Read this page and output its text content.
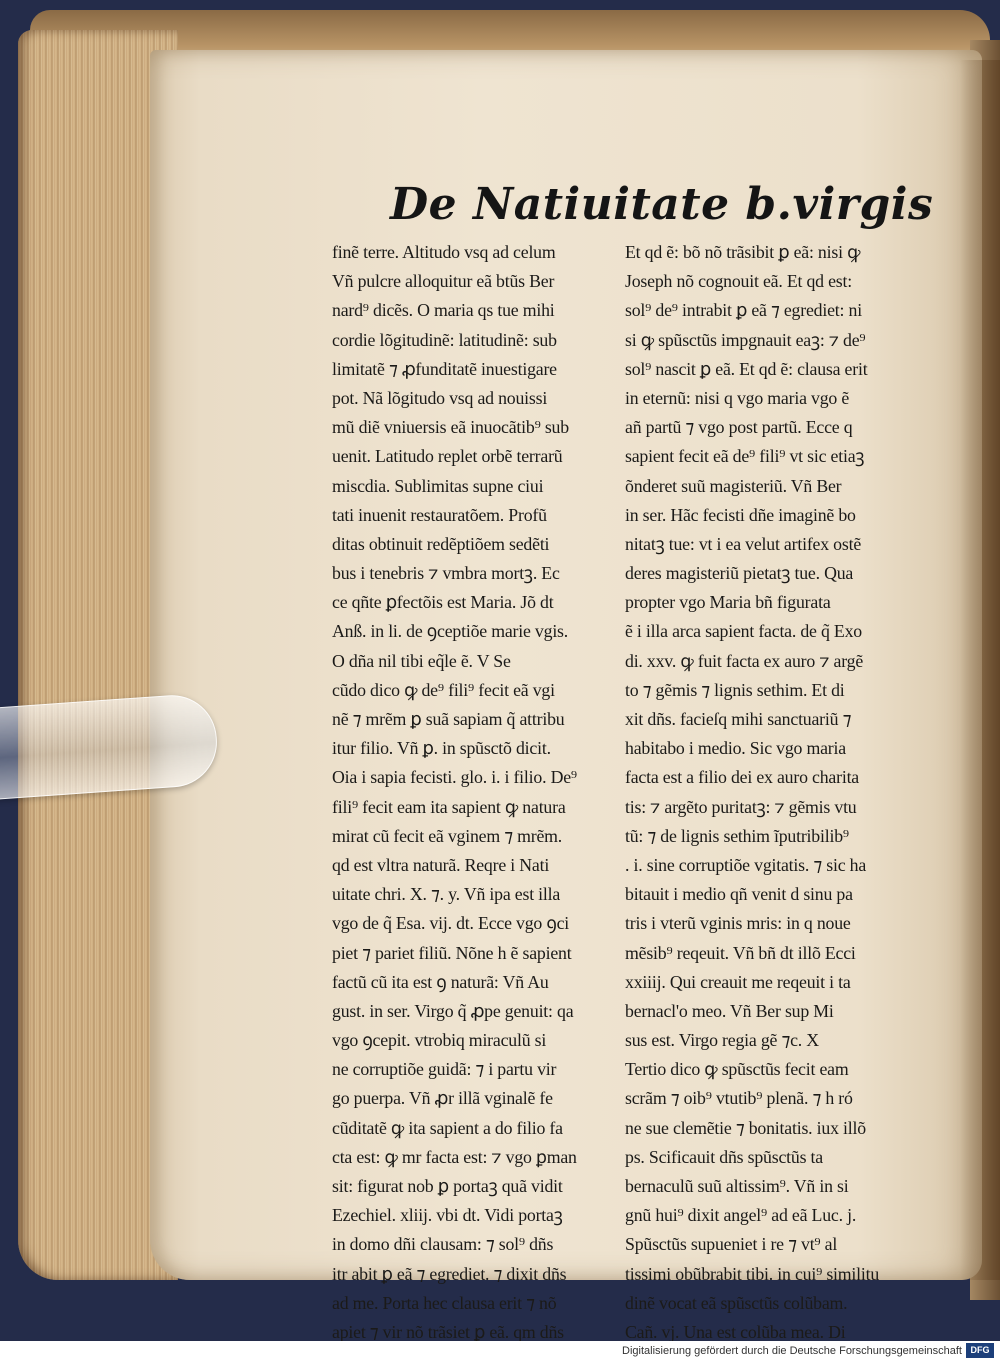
De Natiuitate b.virgis
finẽ terre. Altitudo vsq ad celum
Vñ pulcre alloquitur eã btũs Ber
nard⁹ dicẽs. O maria qs tue mihi
cordie lõgitudinẽ: latitudinẽ: sub
limitatẽ ⁊ ꝓfunditatẽ inuestigare
pot. Nã lõgitudo vsq ad nouissi
mũ diẽ vniuersis eã inuocãtib⁹ sub
uenit. Latitudo replet orbẽ terrarũ
miscdia. Sublimitas supne ciui
tati inuenit restauratõem. Profũ
ditas obtinuit redẽptiõem sedẽti
bus i tenebris ⁊ vmbra mortꝫ. Ec
ce qñte ꝑfectõis est Maria. Jõ dt
Anß. in li. de ꝯceptiõe marie vgis.
O dña nil tibi eq̃le ẽ. V Se
cũdo dico ꝙ de⁹ fili⁹ fecit eã vgi
nẽ ⁊ mrẽm ꝑ suã sapiam q̃ attribu
itur filio. Vñ ꝑ. in spũsctõ dicit.
Oia i sapia fecisti. glo. i. i filio. De⁹
fili⁹ fecit eam ita sapient ꝙ natura
mirat cũ fecit eã vginem ⁊ mrẽm.
qd est vltra naturã. Reqre i Nati
uitate chri. X. ⁊. y. Vñ ipa est illa
vgo de q̃ Esa. vij. dt. Ecce vgo ꝯci
piet ⁊ pariet filiũ. Nõne h ẽ sapient
factũ cũ ita est ꝯ naturã: Vñ Au
gust. in ser. Virgo q̃ ꝓpe genuit: qa
vgo ꝯcepit. vtrobiq miraculũ si
ne corruptiõe guidã: ⁊ i partu vir
go puerpa. Vñ ꝓr illã vginalẽ fe
cũditatẽ ꝙ ita sapient a do filio fa
cta est: ꝙ mr facta est: ⁊ vgo ꝑman
sit: figurat nob ꝑ portaꝫ quã vidit
Ezechiel. xliij. vbi dt. Vidi portaꝫ
in domo dñi clausam: ⁊ sol⁹ dñs
itr abit ꝑ eã ⁊ egrediet. ⁊ dixit dñs
ad me. Porta hec clausa erit ⁊ nõ
apiet ⁊ vir nõ trãsiet ꝑ eã. qm dñs
Et qd ẽ: bõ nõ trãsibit ꝑ eã: nisi ꝙ
Joseph nõ cognouit eã. Et qd est:
sol⁹ de⁹ intrabit ꝑ eã ⁊ egrediet: ni
si ꝙ spũsctũs impgnauit eaꝫ: ⁊ de⁹
sol⁹ nascit ꝑ eã. Et qd ẽ: clausa erit
in eternũ: nisi q vgo maria vgo ẽ
añ partũ ⁊ vgo post partũ. Ecce q
sapient fecit eã de⁹ fili⁹ vt sic etiaꝫ
õnderet suũ magisteriũ. Vñ Ber
in ser. Hãc fecisti dñe imaginẽ bo
nitatꝫ tue: vt i ea velut artifex ostẽ
deres magisteriũ pietatꝫ tue. Qua
propter vgo Maria bñ figurata
ẽ i illa arca sapient facta. de q̃ Exo
di. xxv. ꝙ fuit facta ex auro ⁊ argẽ
to ⁊ gẽmis ⁊ lignis sethim. Et di
xit dñs. facieſq mihi sanctuariũ ⁊
habitabo i medio. Sic vgo maria
facta est a filio dei ex auro charita
tis: ⁊ argẽto puritatꝫ: ⁊ gẽmis vtu
tũ: ⁊ de lignis sethim ĩputribilib⁹
. i. sine corruptiõe vgitatis. ⁊ sic ha
bitauit i medio qñ venit d sinu pa
tris i vterũ vginis mris: in q noue
mẽsib⁹ reqeuit. Vñ bñ dt illõ Ecci
xxiiij. Qui creauit me reqeuit i ta
bernacl'o meo. Vñ Ber sup Mi
sus est. Virgo regia gẽ ⁊c. X
Tertio dico ꝙ spũsctũs fecit eam
scrãm ⁊ oib⁹ vtutib⁹ plenã. ⁊ h ró
ne sue clemẽtie ⁊ bonitatis. iux illõ
ps. Scificauit dñs spũsctũs ta
bernaculũ suũ altissim⁹. Vñ in si
gnũ hui⁹ dixit angel⁹ ad eã Luc. j.
Spũsctũs supueniet i re ⁊ vt⁹ al
tissimi obũbrabit tibi. in cui⁹ similitu
dinẽ vocat eã spũsctũs colũbam.
Cañ. vj. Una est colũba mea. Di
Digitalisierung gefördert durch die Deutsche Forschungsgemeinschaft DFG
